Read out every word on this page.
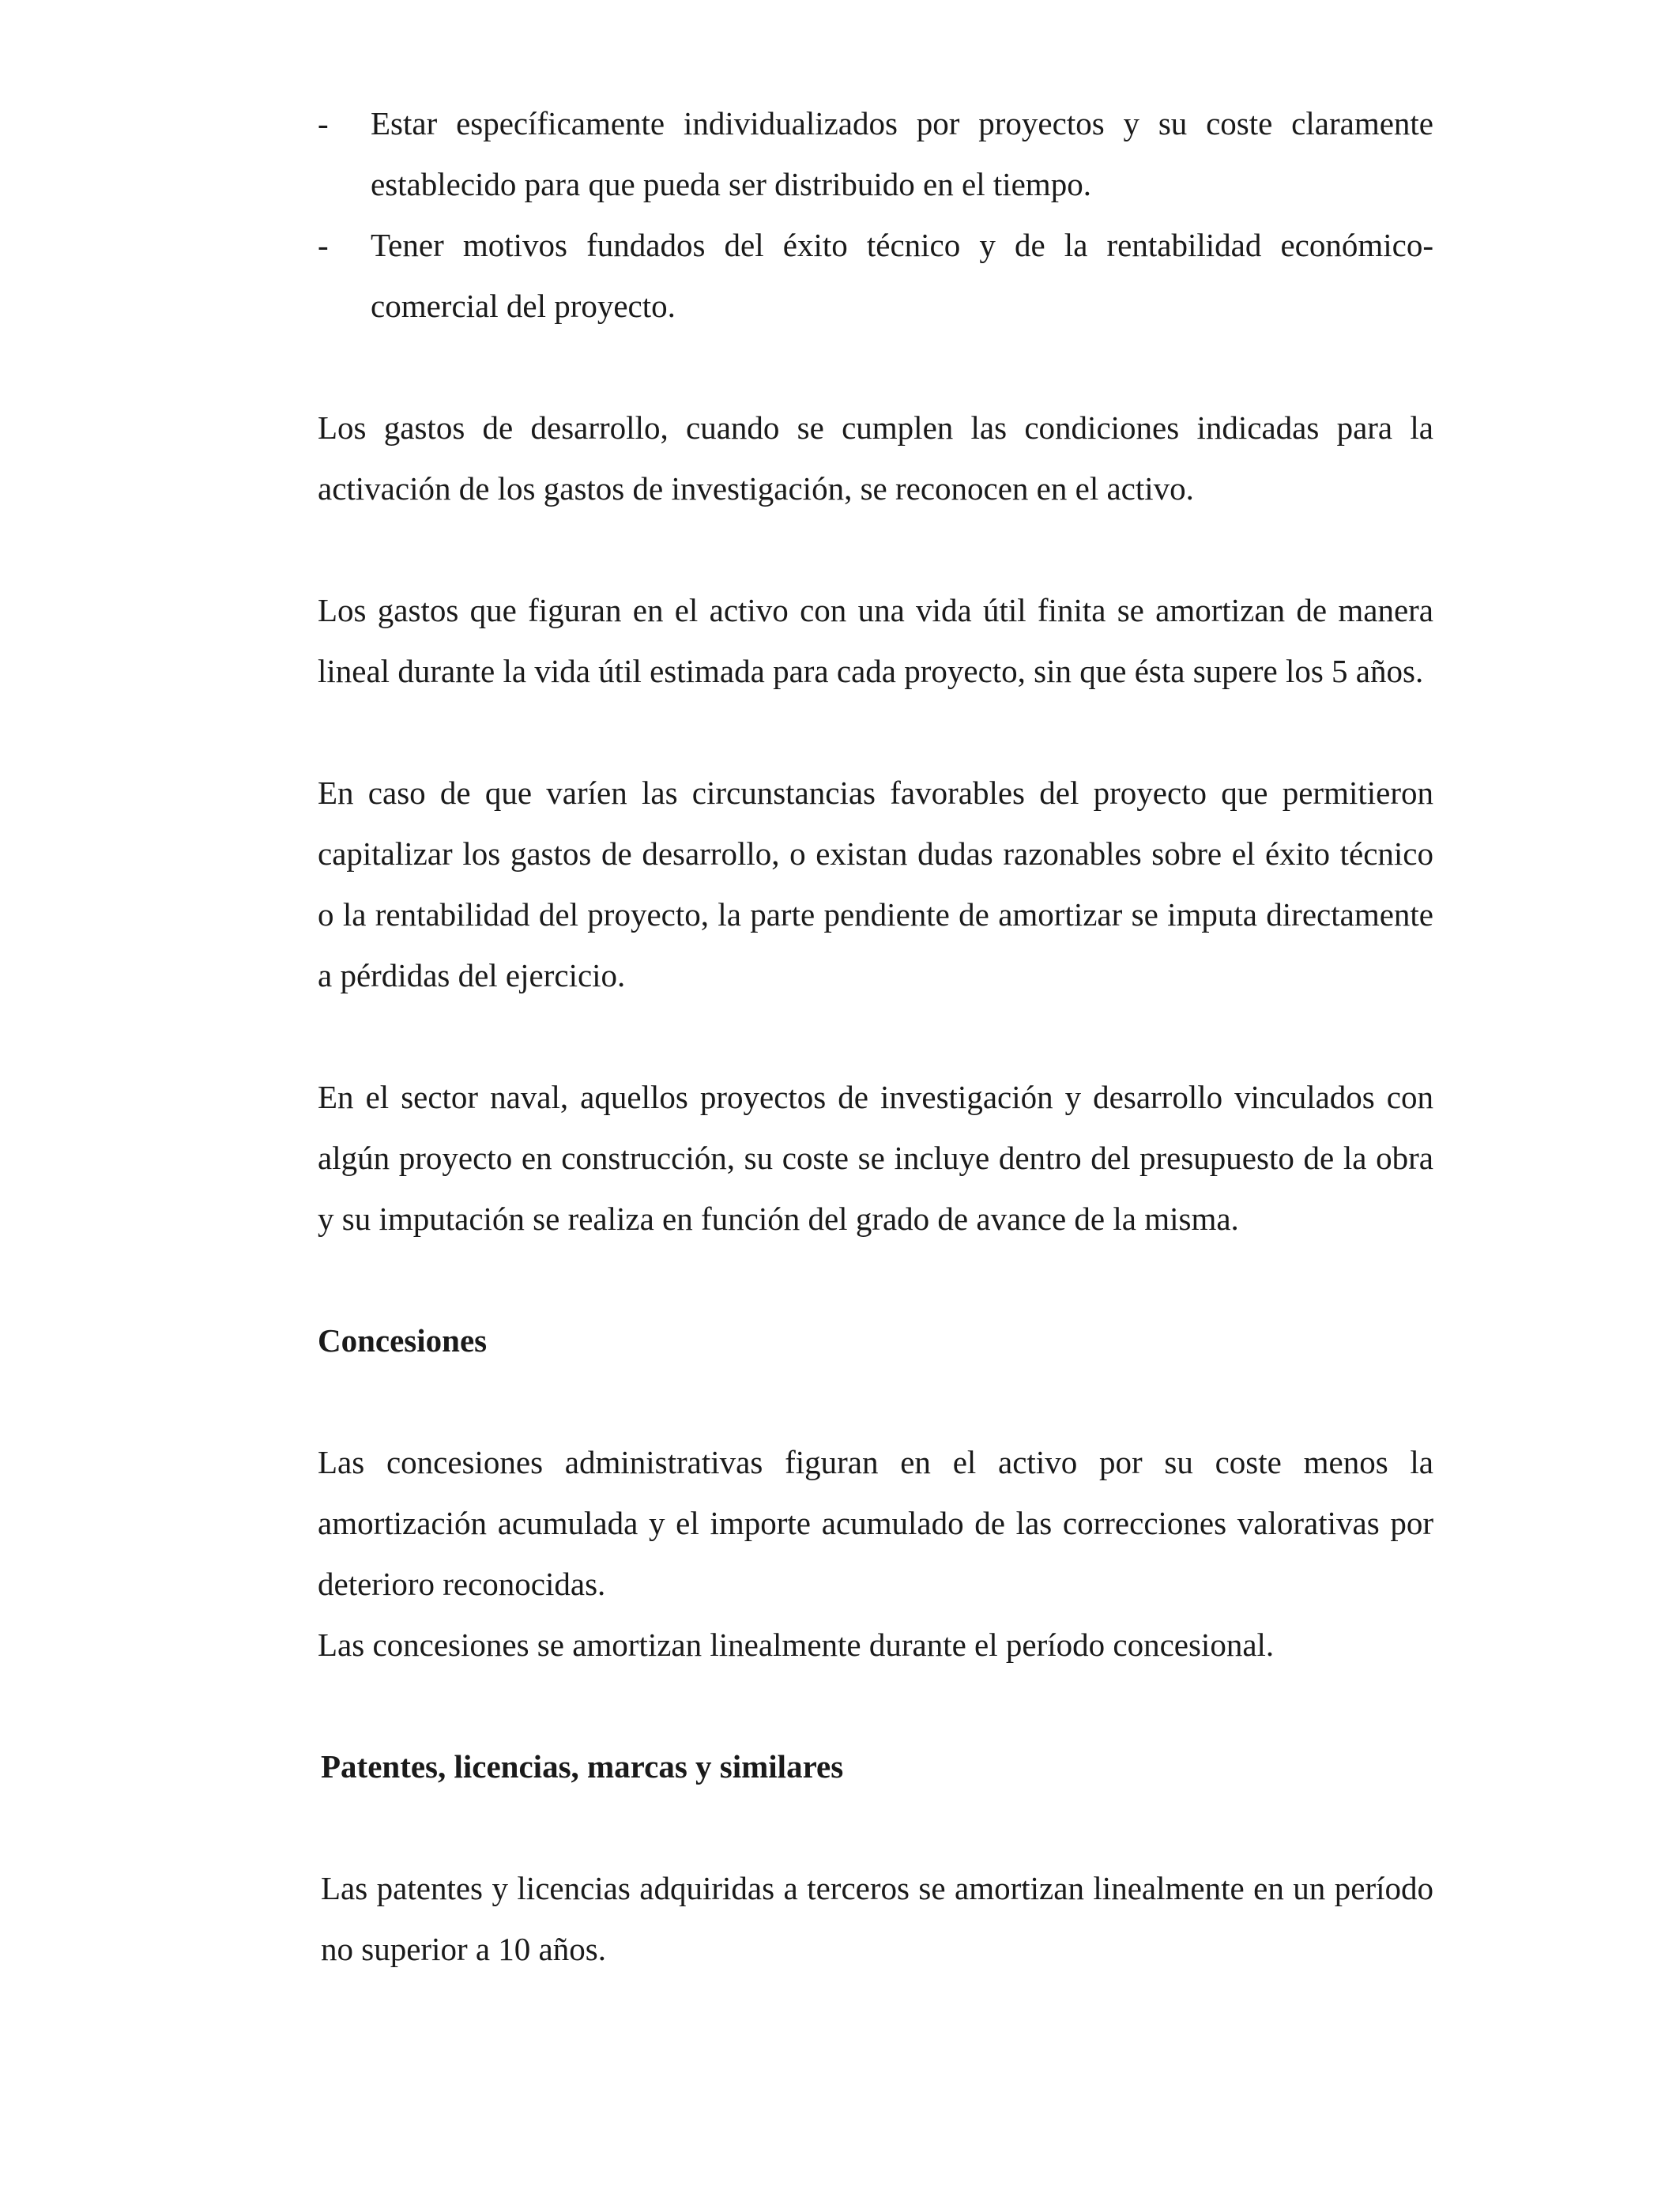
- Estar específicamente individualizados por proyectos y su coste claramente establecido para que pueda ser distribuido en el tiempo.
- Tener motivos fundados del éxito técnico y de la rentabilidad económico-comercial del proyecto.

Los gastos de desarrollo, cuando se cumplen las condiciones indicadas para la activación de los gastos de investigación, se reconocen en el activo.

Los gastos que figuran en el activo con una vida útil finita se amortizan de manera lineal durante la vida útil estimada para cada proyecto, sin que ésta supere los 5 años.

En caso de que varíen las circunstancias favorables del proyecto que permitieron capitalizar los gastos de desarrollo, o existan dudas razonables sobre el éxito técnico o la rentabilidad del proyecto, la parte pendiente de amortizar se imputa directamente a pérdidas del ejercicio.

En el sector naval, aquellos proyectos de investigación y desarrollo vinculados con algún proyecto en construcción, su coste se incluye dentro del presupuesto de la obra y su imputación se realiza en función del grado de avance de la misma.

Concesiones

Las concesiones administrativas figuran en el activo por su coste menos la amortización acumulada y el importe acumulado de las correcciones valorativas por deterioro reconocidas.

Las concesiones se amortizan linealmente durante el período concesional.

Patentes, licencias, marcas y similares

Las patentes y licencias adquiridas a terceros se amortizan linealmente en un período no superior a 10 años.
